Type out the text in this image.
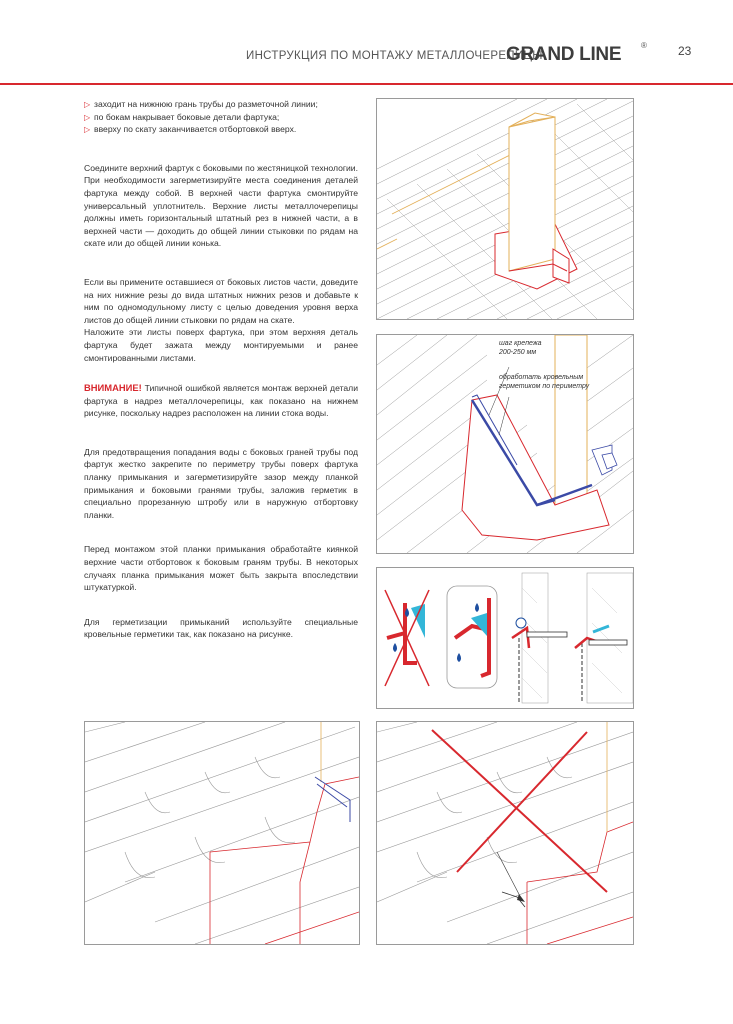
ИНСТРУКЦИЯ ПО МОНТАЖУ МЕТАЛЛОЧЕРЕПИЦЫ
GRAND LINE ®	23
▷ заходит на нижнюю грань трубы до разметочной линии;
▷ по бокам накрывает боковые детали фартука;
▷ вверху по скату заканчивается отбортовкой вверх.

Соедините верхний фартук с боковыми по жестяницкой технологии. При необходимости загерметизируйте места соединения деталей фартука между собой. В верхней части фартука смонтируйте универсальный уплотнитель. Верхние листы металлочерепицы должны иметь горизонтальный штатный рез в нижней части, а в верхней части — доходить до общей линии стыковки по рядам на скате или до общей линии конька.

Если вы примените оставшиеся от боковых листов части, доведите на них нижние резы до вида штатных нижних резов и добавьте к ним по одномодульному листу с целью доведения уровня верха листов до общей линии стыковки по рядам на скате.

Наложите эти листы поверх фартука, при этом верхняя деталь фартука будет зажата между монтируемыми и ранее смонтированными листами.

ВНИМАНИЕ! Типичной ошибкой является монтаж верхней детали фартука в надрез металлочерепицы, как показано на нижнем рисунке, поскольку надрез расположен на линии стока воды.

Для предотвращения попадания воды с боковых граней трубы под фартук жестко закрепите по периметру трубы поверх фартука планку примыкания и загерметизируйте зазор между планкой примыкания и боковыми гранями трубы, заложив герметик в специально прорезанную штробу или в наружную отбортовку планки.

Перед монтажом этой планки примыкания обработайте киянкой верхние части отбортовок к боковым граням трубы. В некоторых случаях планка примыкания может быть закрыта впоследствии штукатуркой.

Для герметизации примыканий используйте специальные кровельные герметики так, как показано на рисунке.

шаг крепежа
200-250 мм
обработать кровельным
герметиком по периметру
